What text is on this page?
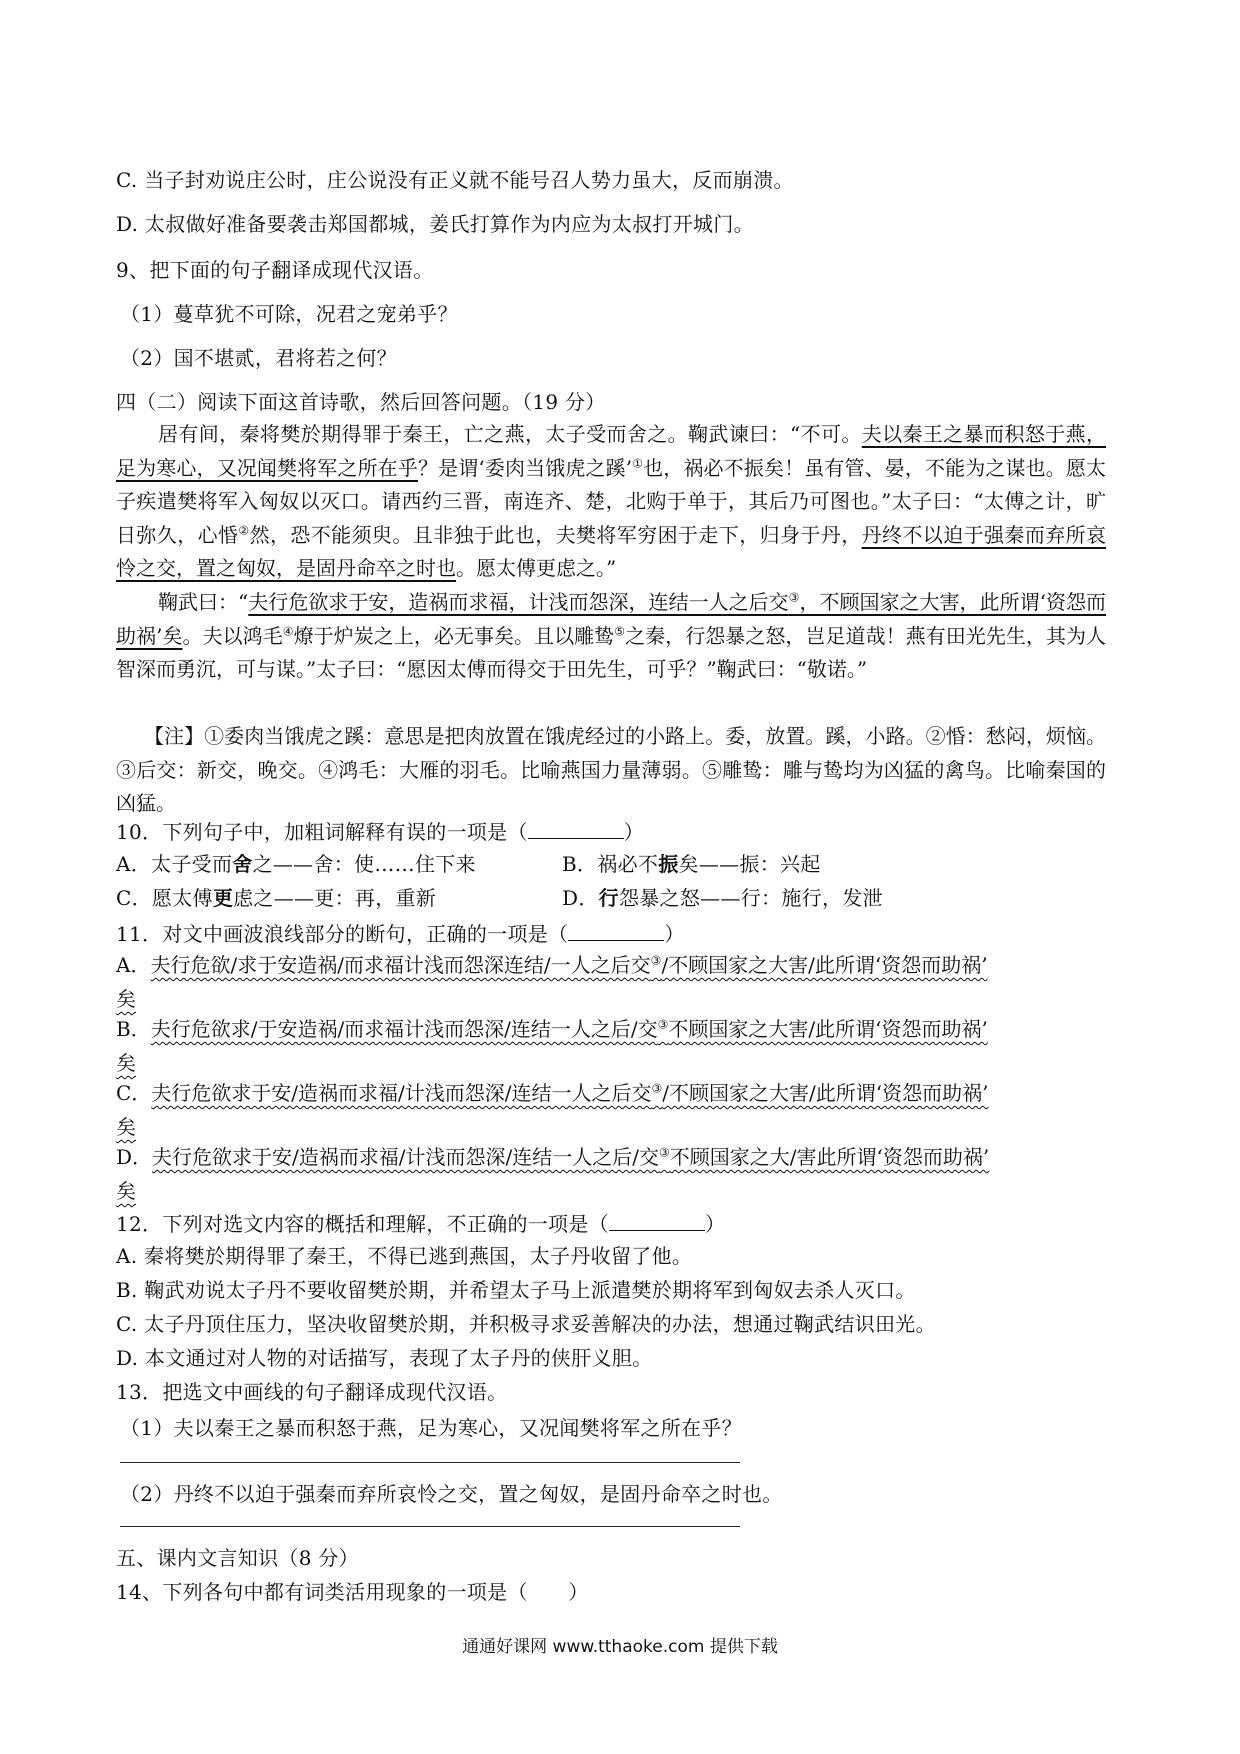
C. 当子封劝说庄公时，庄公说没有正义就不能号召人势力虽大，反而崩溃。
D. 太叔做好准备要袭击郑国都城，姜氏打算作为内应为太叔打开城门。
9、把下面的句子翻译成现代汉语。
（1）蔓草犹不可除，况君之宠弟乎？
（2）国不堪贰，君将若之何？
四（二）阅读下面这首诗歌，然后回答问题。（19 分）
居有间，秦将樊於期得罪于秦王，亡之燕，太子受而舍之。鞠武谏曰：“不可。夫以秦王之暴而积怒于燕，足为寒心，又况闻樊将军之所在乎？是谓‘委肉当饿虎之蹊’①也，祸必不振矣！虽有管、晏，不能为之谋也。愿太子疾遣樊将军入匈奴以灭口。请西约三晋，南连齐、楚，北购于单于，其后乃可图也。”太子曰：“太傅之计，旷日弥久，心惛②然，恐不能须臾。且非独于此也，夫樊将军穷困于走下，归身于丹，丹终不以迫于强秦而弃所哀怜之交，置之匈奴，是固丹命卒之时也。愿太傅更虑之。”
鞠武曰：“夫行危欲求于安，造祸而求福，计浅而怨深，连结一人之后交③，不顾国家之大害，此所谓‘资怨而助祸’矣。夫以鸿毛④燎于炉炭之上，必无事矣。且以雕鸷⑤之秦，行怨暴之怒，岂足道哉！燕有田光先生，其为人智深而勇沉，可与谋。”太子曰：“愿因太傅而得交于田先生，可乎？”鞠武曰：“敬诺。”
【注】①委肉当饿虎之蹊：意思是把肉放置在饿虎经过的小路上。委，放置。蹊，小路。②惛：愁闷，烦恼。③后交：新交，晚交。④鸿毛：大雁的羽毛。比喻燕国力量薄弱。⑤雕鸷：雕与鸷均为凶猛的禽鸟。比喻秦国的凶猛。
10．下列句子中，加粗词解释有误的一项是（	）
A．太子受而舍之——舍：使……住下来	B．祸必不振矣——振：兴起
C．愿太傅更虑之——更：再，重新	D．行怨暴之怒——行：施行，发泄
11．对文中画波浪线部分的断句，正确的一项是（	）
A．夫行危欲/求于安造祸/而求福计浅而怨深连结/一人之后交③/不顾国家之大害/此所谓‘资怨而助祸’
矣
B．夫行危欲求/于安造祸/而求福计浅而怨深/连结一人之后/交③不顾国家之大害/此所谓‘资怨而助祸’
矣
C．夫行危欲求于安/造祸而求福/计浅而怨深/连结一人之后交③/不顾国家之大害/此所谓‘资怨而助祸’
矣
D．夫行危欲求于安/造祸而求福/计浅而怨深/连结一人之后/交③不顾国家之大/害此所谓‘资怨而助祸’
矣
12．下列对选文内容的概括和理解，不正确的一项是（	）
A. 秦将樊於期得罪了秦王，不得已逃到燕国，太子丹收留了他。
B. 鞠武劝说太子丹不要收留樊於期，并希望太子马上派遣樊於期将军到匈奴去杀人灭口。
C. 太子丹顶住压力，坚决收留樊於期，并积极寻求妥善解决的办法，想通过鞠武结识田光。
D. 本文通过对人物的对话描写，表现了太子丹的侠肝义胆。
13．把选文中画线的句子翻译成现代汉语。
（1）夫以秦王之暴而积怒于燕，足为寒心，又况闻樊将军之所在乎？
（2）丹终不以迫于强秦而弃所哀怜之交，置之匈奴，是固丹命卒之时也。
五、课内文言知识（8 分）
14、下列各句中都有词类活用现象的一项是（　　）
通通好课网 www.tthaoke.com 提供下载
